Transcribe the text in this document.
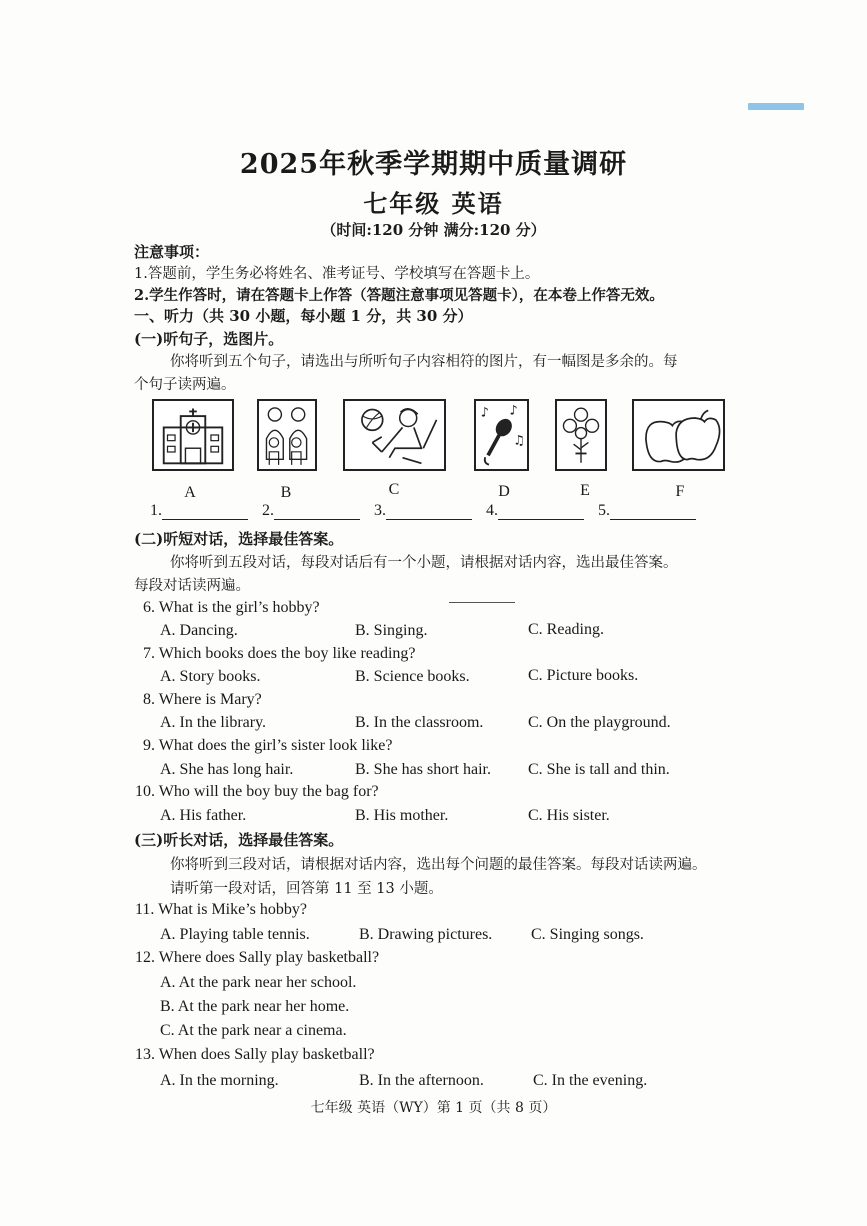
2025年秋季学期期中质量调研
七年级 英语
（时间:120 分钟 满分:120 分）
注意事项：
1.答题前，学生务必将姓名、准考证号、学校填写在答题卡上。
2.学生作答时，请在答题卡上作答（答题注意事项见答题卡），在本卷上作答无效。
一、听力（共 30 小题，每小题 1 分，共 30 分）
(一)听句子，选图片。
你将听到五个句子，请选出与所听句子内容相符的图片，有一幅图是多余的。每
个句子读两遍。
♪ ♪
♫
A	B	C	D	E	F
1.	2.	3.	4.	5.
(二)听短对话，选择最佳答案。
你将听到五段对话，每段对话后有一个小题，请根据对话内容，选出最佳答案。
每段对话读两遍。
6. What is the girl’s hobby?
A. Dancing.	B. Singing.	C. Reading.
7. Which books does the boy like reading?
A. Story books.	B. Science books.	C. Picture books.
8. Where is Mary?
A. In the library.	B. In the classroom.	C. On the playground.
9. What does the girl’s sister look like?
A. She has long hair.	B. She has short hair. C. She is tall and thin.
10. Who will the boy buy the bag for?
A. His father.	B. His mother.	C. His sister.
(三)听长对话，选择最佳答案。
你将听到三段对话，请根据对话内容，选出每个问题的最佳答案。每段对话读两遍。
请听第一段对话，回答第 11 至 13 小题。
11. What is Mike’s hobby?
A. Playing table tennis.	B. Drawing pictures. C. Singing songs.
12. Where does Sally play basketball?
A. At the park near her school.
B. At the park near her home.
C. At the park near a cinema.
13. When does Sally play basketball?
A. In the morning.	B. In the afternoon.	C. In the evening.
七年级 英语（WY）第 1 页（共 8 页）
